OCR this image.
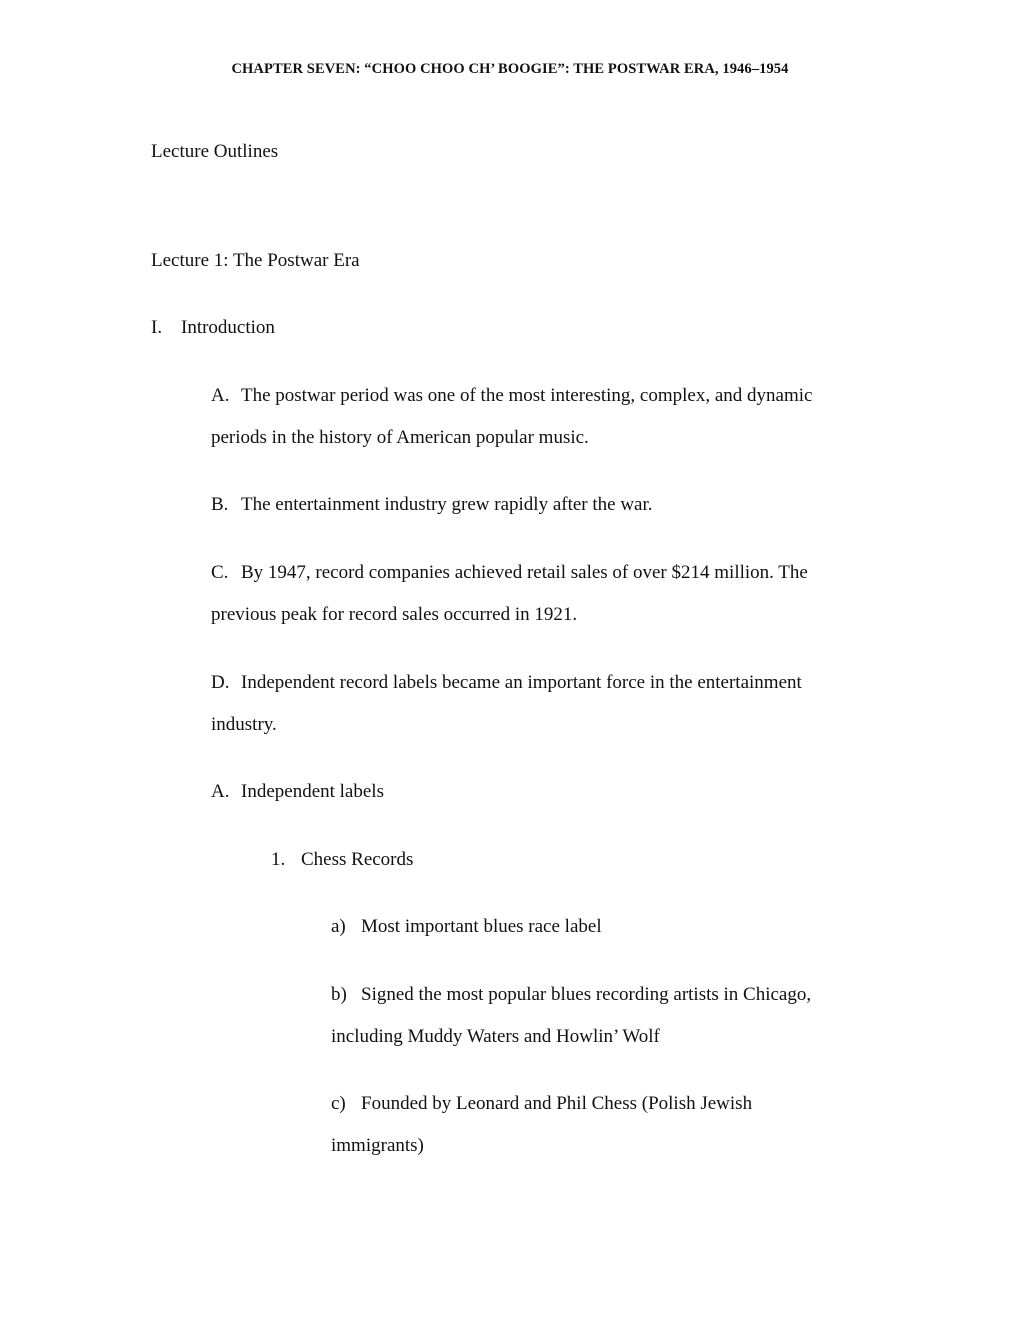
CHAPTER SEVEN: “CHOO CHOO CH’ BOOGIE”: THE POSTWAR ERA, 1946–1954
Lecture Outlines
Lecture 1: The Postwar Era
I. Introduction
A. The postwar period was one of the most interesting, complex, and dynamic
periods in the history of American popular music.
B. The entertainment industry grew rapidly after the war.
C. By 1947, record companies achieved retail sales of over $214 million. The
previous peak for record sales occurred in 1921.
D. Independent record labels became an important force in the entertainment
industry.
A. Independent labels
1. Chess Records
a) Most important blues race label
b) Signed the most popular blues recording artists in Chicago,
including Muddy Waters and Howlin’ Wolf
c) Founded by Leonard and Phil Chess (Polish Jewish
immigrants)
